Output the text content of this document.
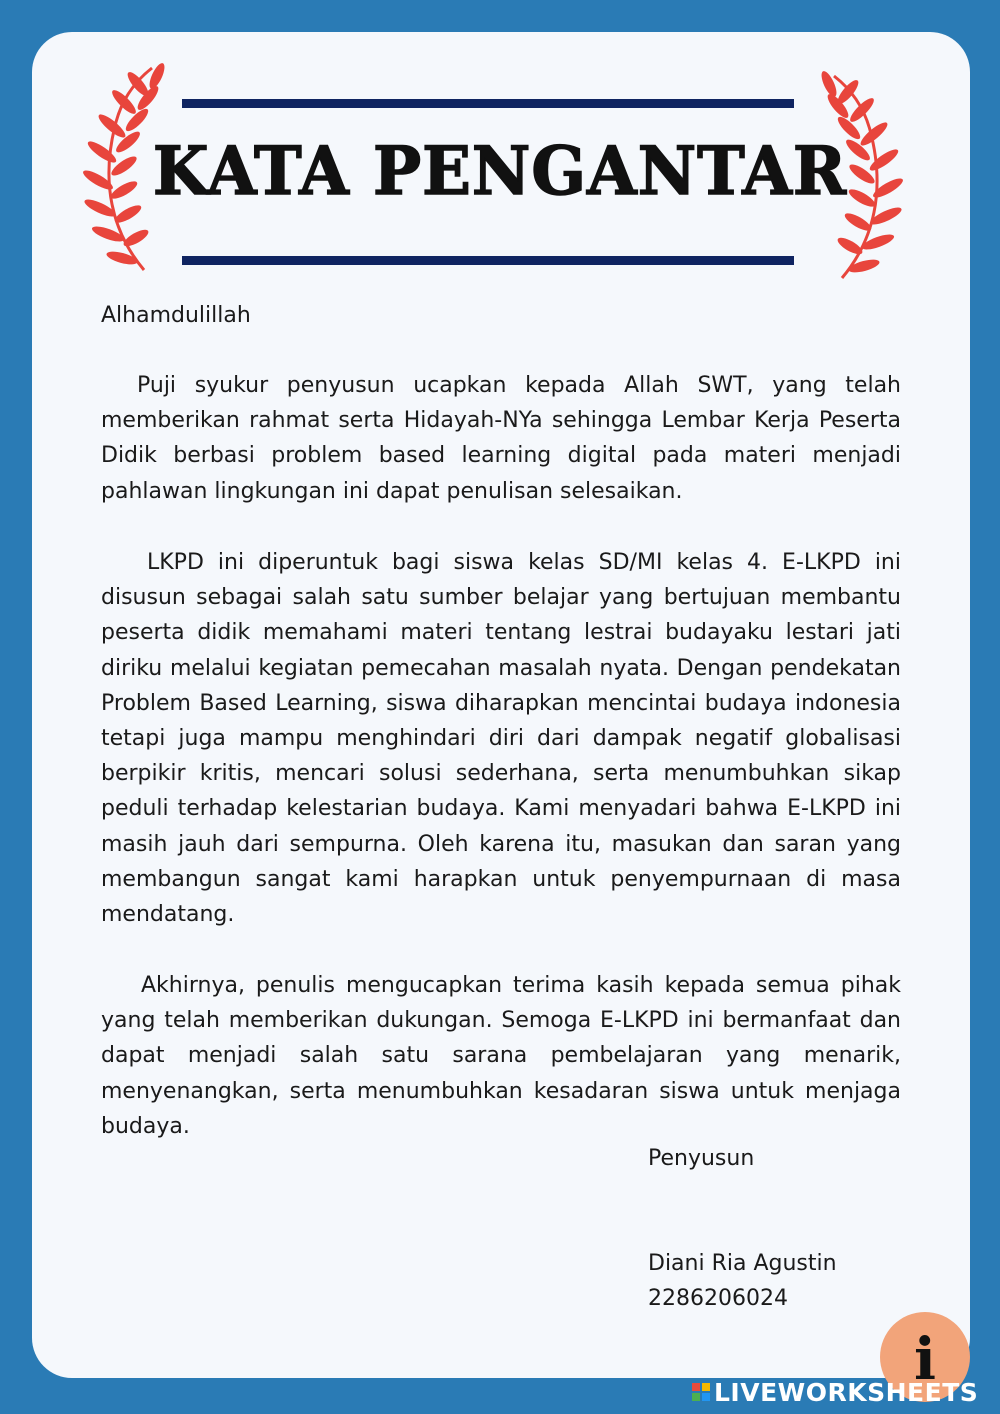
KATA PENGANTAR
Alhamdulillah
Puji syukur penyusun ucapkan kepada Allah SWT, yang telah memberikan rahmat serta Hidayah-NYa sehingga Lembar Kerja Peserta Didik berbasi problem based learning digital pada materi menjadi pahlawan lingkungan ini dapat penulisan selesaikan.
LKPD ini diperuntuk bagi siswa kelas SD/MI kelas 4. E-LKPD ini disusun sebagai salah satu sumber belajar yang bertujuan membantu peserta didik memahami materi tentang lestrai budayaku lestari jati diriku melalui kegiatan pemecahan masalah nyata. Dengan pendekatan Problem Based Learning, siswa diharapkan mencintai budaya indonesia tetapi juga mampu menghindari diri dari dampak negatif globalisasi berpikir kritis, mencari solusi sederhana, serta menumbuhkan sikap peduli terhadap kelestarian budaya. Kami menyadari bahwa E-LKPD ini masih jauh dari sempurna. Oleh karena itu, masukan dan saran yang membangun sangat kami harapkan untuk penyempurnaan di masa mendatang.
Akhirnya, penulis mengucapkan terima kasih kepada semua pihak yang telah memberikan dukungan. Semoga E-LKPD ini bermanfaat dan dapat menjadi salah satu sarana pembelajaran yang menarik, menyenangkan, serta menumbuhkan kesadaran siswa untuk menjaga budaya.
Penyusun
Diani Ria Agustin
2286206024
i
LIVEWORKSHEETS
